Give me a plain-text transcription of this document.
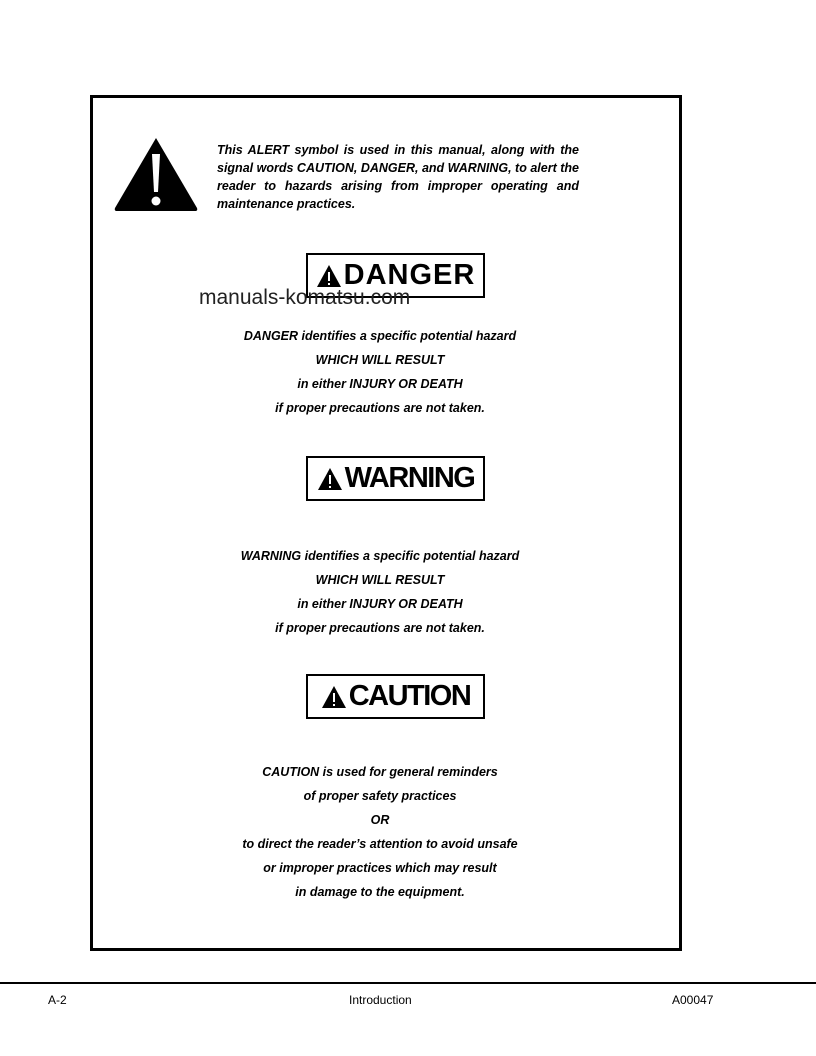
This ALERT symbol is used in this manual, along with the signal words CAUTION, DANGER, and WARNING, to alert the reader to hazards arising from improper operating and maintenance practices.
DANGER
manuals-komatsu.com
DANGER identifies a specific potential hazard
WHICH WILL RESULT
in either INJURY OR DEATH
if proper precautions are not taken.
WARNING
WARNING identifies a specific potential hazard
WHICH WILL RESULT
in either INJURY OR DEATH
if proper precautions are not taken.
CAUTION
CAUTION is used for general reminders
of proper safety practices
OR
to direct the reader’s attention to avoid unsafe
or improper practices which may result
in damage to the equipment.
A-2	Introduction	A00047
